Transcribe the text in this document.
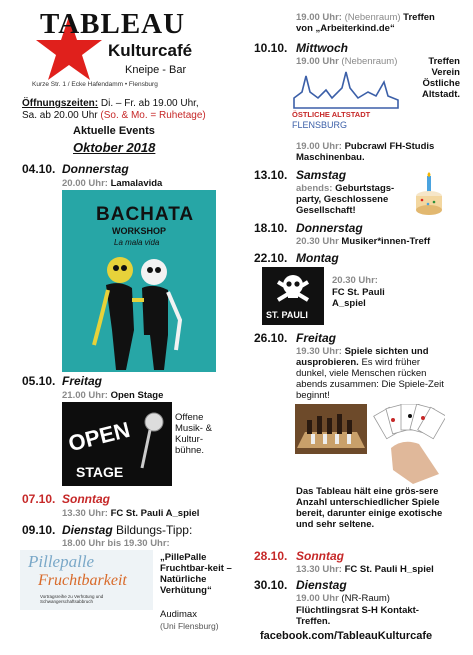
TABLEAU
Kulturcafé
Kneipe - Bar
Kurze Str. 1 / Ecke Hafendamm • Flensburg
Öffnungszeiten: Di. – Fr. ab 19.00 Uhr,
Sa. ab 20.00 Uhr (So. & Mo. = Ruhetage)
Aktuelle Events
Oktober 2018
04.10. Donnerstag
20.00 Uhr: Lamalavida
BACHATA
WORKSHOP
La mala vida
05.10. Freitag
21.00 Uhr: Open Stage
OPEN
STAGE
Offene Musik- & Kultur-bühne.
07.10. Sonntag
13.30 Uhr: FC St. Pauli A_spiel
09.10. Dienstag Bildungs-Tipp:
18.00 Uhr bis 19.30 Uhr:
Pillepalle
Fruchtbarkeit
Vortragsreihe zu Verhütung und Schwangerschaftsabbruch
„PillePalle Fruchtbar-keit – Natürliche Verhütung“
Audimax
(Uni Flensburg)
19.00 Uhr: (Nebenraum) Treffen
von „Arbeiterkind.de“
10.10. Mittwoch
19.00 Uhr (Nebenraum)	Treffen Verein Östliche Altstadt.
ÖSTLICHE ALTSTADT
FLENSBURG
19.00 Uhr: Pubcrawl FH-Studis Maschinenbau.
13.10. Samstag
abends: Geburtstags-party, Geschlossene Gesellschaft!
18.10. Donnerstag
20.30 Uhr Musiker*innen-Treff
22.10. Montag
ST. PAULI
20.30 Uhr:
FC St. Pauli A_spiel
26.10. Freitag
19.30 Uhr: Spiele sichten und ausprobieren. Es wird früher dunkel, viele Menschen rücken abends zusammen: Die Spiele-Zeit beginnt!
Das Tableau hält eine grös-sere Anzahl unterschiedlicher Spiele bereit, darunter einige exotische und sehr seltene.
28.10. Sonntag
13.30 Uhr: FC St. Pauli H_spiel
30.10. Dienstag
19.00 Uhr (NR-Raum)
Flüchtlingsrat S-H Kontakt-Treffen.
facebook.com/TableauKulturcafe
